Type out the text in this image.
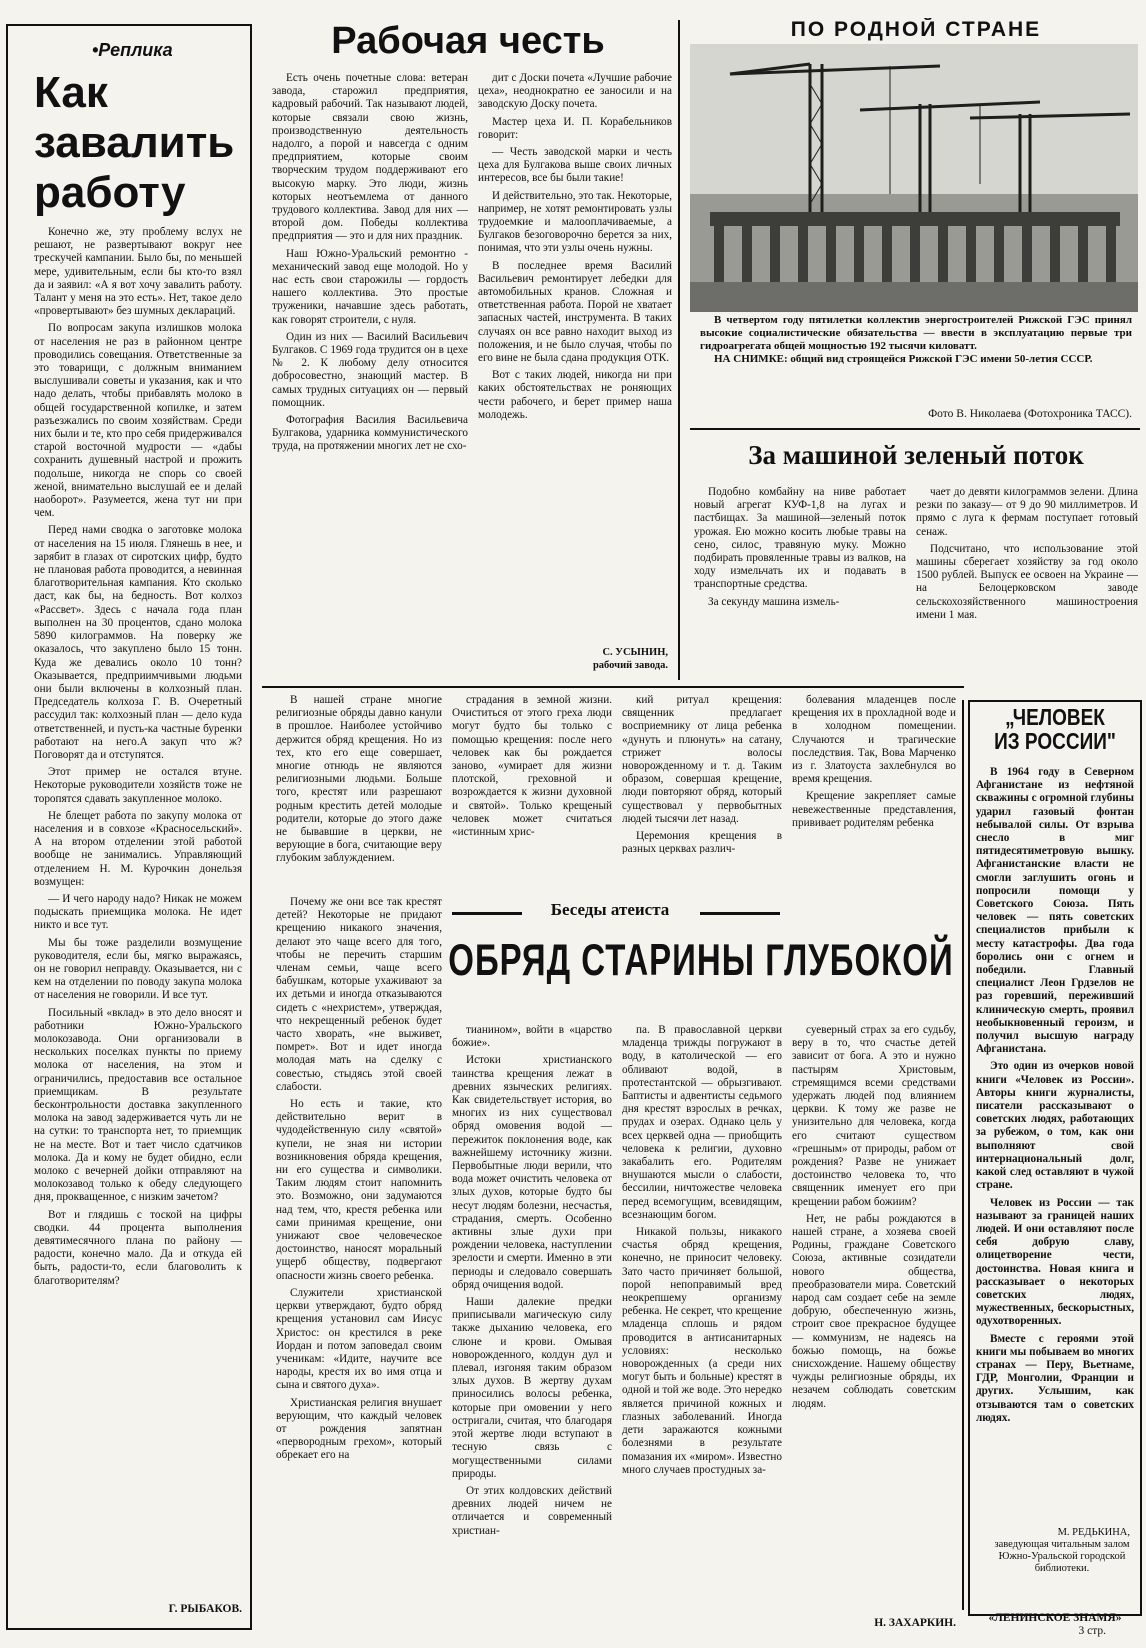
•Реплика
Как
завалить
работу

Конечно же, эту проблему вслух не решают, не развертывают вокруг нее трескучей кампании. Было бы, по меньшей мере, удивительным, если бы кто-то взял да и заявил: «А я вот хочу завалить работу. Талант у меня на это есть». Нет, такое дело «провертывают» без шумных деклараций.

По вопросам закупа излишков молока от населения не раз в районном центре проводились совещания. Ответственные за это товарищи, с должным вниманием выслушивали советы и указания, как и что надо делать, чтобы прибавлять молоко в общей государственной копилке, и затем разъезжались по своим хозяйствам. Среди них были и те, кто про себя придерживался старой восточной мудрости — «дабы сохранить душевный настрой и прожить подольше, никогда не спорь со своей женой, внимательно выслушай ее и делай наоборот». Разумеется, жена тут ни при чем.

Перед нами сводка о заготовке молока от населения на 15 июля. Глянешь в нее, и зарябит в глазах от сиротских цифр, будто не плановая работа проводится, а невинная благотворительная кампания. Кто сколько даст, как бы, на бедность. Вот колхоз «Рассвет». Здесь с начала года план выполнен на 30 процентов, сдано молока 5890 килограммов. На поверку же оказалось, что закуплено было 15 тонн. Куда же девались около 10 тонн? Оказывается, предприимчивыми людьми они были включены в колхозный план. Председатель колхоза Г. В. Очеретный рассудил так: колхозный план — дело куда ответственней, и пусть-ка частные буренки работают на него.А закуп что ж? Поговорят да и отступятся.

Этот пример не остался втуне. Некоторые руководители хозяйств тоже не торопятся сдавать закупленное молоко.

Не блещет работа по закупу молока от населения и в совхозе «Красносельский». А на втором отделении этой работой вообще не занимались. Управляющий отделением Н. М. Курочкин донельзя возмущен:

— И чего народу надо? Никак не можем подыскать приемщика молока. Не идет никто и все тут.

Мы бы тоже разделили возмущение руководителя, если бы, мягко выражаясь, он не говорил неправду. Оказывается, ни с кем на отделении по поводу закупа молока от населения не говорили. И все тут.

Посильный «вклад» в это дело вносят и работники Южно-Уральского молокозавода. Они организовали в нескольких поселках пункты по приему молока от населения, на этом и ограничились, предоставив все остальное приемщикам. В результате бесконтрольности доставка закупленного молока на завод задерживается чуть ли не на сутки: то транспорта нет, то приемщик не на месте. Вот и тает число сдатчиков молока. Да и кому не будет обидно, если молоко с вечерней дойки отправляют на молокозавод только к обеду следующего дня, прокващенное, с низким зачетом?

Вот и глядишь с тоской на цифры сводки. 44 процента выполнения девятимесячного плана по району — радости, конечно мало. Да и откуда ей быть, радости-то, если благоволить к благотворителям?

Г. РЫБАКОВ.
Рабочая честь

Есть очень почетные слова: ветеран завода, старожил предприятия, кадровый рабочий. Так называют людей, которые связали свою жизнь, производственную деятельность надолго, а порой и навсегда с одним предприятием, которые своим творческим трудом поддерживают его высокую марку. Это люди, жизнь которых неотъемлема от данного трудового коллектива. Завод для них — второй дом. Победы коллектива предприятия — это и для них праздник.

Наш Южно-Уральский ремонтно - механический завод еще молодой. Но у нас есть свои старожилы — гордость нашего коллектива. Это простые труженики, начавшие здесь работать, как говорят строители, с нуля.

Один из них — Василий Васильевич Булгаков. С 1969 года трудится он в цехе № 2. К любому делу относится добросовестно, знающий мастер. В самых трудных ситуациях он — первый помощник.

Фотография Василия Васильевича Булгакова, ударника коммунистического труда, на протяжении многих лет не схо-

дит с Доски почета «Лучшие рабочие цеха», неоднократно ее заносили и на заводскую Доску почета.

Мастер цеха И. П. Корабельников говорит:

— Честь заводской марки и честь цеха для Булгакова выше своих личных интересов, все бы были такие!

И действительно, это так. Некоторые, например, не хотят ремонтировать узлы трудоемкие и малооплачиваемые, а Булгаков безоговорочно берется за них, понимая, что эти узлы очень нужны.

В последнее время Василий Васильевич ремонтирует лебедки для автомобильных кранов. Сложная и ответственная работа. Порой не хватает запасных частей, инструмента. В таких случаях он все равно находит выход из положения, и не было случая, чтобы по его вине не была сдана продукция ОТК.

Вот с таких людей, никогда ни при каких обстоятельствах не роняющих чести рабочего, и берет пример наша молодежь.

С. УСЫНИН,
рабочий завода.
ПО РОДНОЙ СТРАНЕ
В четвертом году пятилетки коллектив энергостроителей Рижской ГЭС принял высокие социалистические обязательства — ввести в эксплуатацию первые три гидроагрегата общей мощностью 192 тысячи киловатт.
НА СНИМКЕ: общий вид строящейся Рижской ГЭС имени 50-летия СССР.
Фото В. Николаева (Фотохроника ТАСС).
За машиной зеленый поток

Подобно комбайну на ниве работает новый агрегат КУФ-1,8 на лугах и пастбищах. За машиной—зеленый поток урожая. Ею можно косить любые травы на сено, силос, травяную муку. Можно подбирать провяленные травы из валков, на ходу измельчать их и подавать в транспортные средства.

За секунду машина измель-

чает до девяти килограммов зелени. Длина резки по заказу— от 9 до 90 миллиметров. И прямо с луга к фермам поступает готовый сенаж.

Подсчитано, что использование этой машины сберегает хозяйству за год около 1500 рублей. Выпуск ее освоен на Украине — на Белоцерковском заводе сельскохозяйственного машиностроения имени 1 мая.

В нашей стране многие религиозные обряды давно канули в прошлое. Наиболее устойчиво держится обряд крещения. Но из тех, кто его еще совершает, многие отнюдь не являются религиозными людьми. Больше того, крестят или разрешают родным крестить детей молодые родители, которые до этого даже не бывавшие в церкви, не верующие в бога, считающие веру глубоким заблуждением.

страдания в земной жизни. Очиститься от этого греха люди могут будто бы только с помощью крещения: после него человек как бы рождается заново, «умирает для жизни плотской, греховной и возрождается к жизни духовной и святой». Только крещеный человек может считаться «истинным хрис-

кий ритуал крещения: священник предлагает восприемнику от лица ребенка «дунуть и плюнуть» на сатану, стрижет волосы новорожденному и т. д. Таким образом, совершая крещение, люди повторяют обряд, который существовал у первобытных людей тысячи лет назад.

Церемония крещения в разных церквах различ-

болевания младенцев после крещения их в прохладной воде и в холодном помещении. Случаются и трагические последствия. Так, Вова Марченко из г. Златоуста захлебнулся во время крещения.

Крещение закрепляет самые невежественные представления, прививает родителям ребенка

Беседы атеиста
ОБРЯД СТАРИНЫ ГЛУБОКОЙ

Почему же они все так крестят детей? Некоторые не придают крещению никакого значения, делают это чаще всего для того, чтобы не перечить старшим членам семьи, чаще всего бабушкам, которые ухаживают за их детьми и иногда отказываются сидеть с «нехристем», утверждая, что некрещенный ребенок будет часто хворать, «не выживет, помрет». Вот и идет иногда молодая мать на сделку с совестью, стыдясь этой своей слабости.

Но есть и такие, кто действительно верит в чудодейственную силу «святой» купели, не зная ни истории возникновения обряда крещения, ни его существа и символики. Таким людям стоит напомнить это. Возможно, они задумаются над тем, что, крестя ребенка или сами принимая крещение, они унижают свое человеческое достоинство, наносят моральный ущерб обществу, подвергают опасности жизнь своего ребенка.

Служители христианской церкви утверждают, будто обряд крещения установил сам Иисус Христос: он крестился в реке Иордан и потом заповедал своим ученикам: «Идите, научите все народы, крестя их во имя отца и сына и святого духа».

Христианская религия внушает верующим, что каждый человек от рождения запятнан «первородным грехом», который обрекает его на

тианином», войти в «царство божие».

Истоки христианского таинства крещения лежат в древних языческих религиях. Как свидетельствует история, во многих из них существовал обряд омовения водой — пережиток поклонения воде, как важнейшему источнику жизни. Первобытные люди верили, что вода может очистить человека от злых духов, которые будто бы несут людям болезни, несчастья, страдания, смерть. Особенно активны злые духи при рождении человека, наступлении зрелости и смерти. Именно в эти периоды и следовало совершать обряд очищения водой.

Наши далекие предки приписывали магическую силу также дыханию человека, его слюне и крови. Омывая новорожденного, колдун дул и плевал, изгоняя таким образом злых духов. В жертву духам приносились волосы ребенка, которые при омовении у него остригали, считая, что благодаря этой жертве люди вступают в тесную связь с могущественными силами природы.

От этих колдовских действий древних людей ничем не отличается и современный христиан-

па. В православной церкви младенца трижды погружают в воду, в католической — его обливают водой, в протестантской — обрызгивают. Баптисты и адвентисты седьмого дня крестят взрослых в речках, прудах и озерах. Однако цель у всех церквей одна — приобщить человека к религии, духовно закабалить его. Родителям внушаются мысли о слабости, бессилии, ничтожестве человека перед всемогущим, всевидящим, всезнающим богом.

Никакой пользы, никакого счастья обряд крещения, конечно, не приносит человеку. Зато часто причиняет большой, порой непоправимый вред неокрепшему организму ребенка. Не секрет, что крещение младенца сплошь и рядом проводится в антисанитарных условиях: несколько новорожденных (а среди них могут быть и больные) крестят в одной и той же воде. Это нередко является причиной кожных и глазных заболеваний. Иногда дети заражаются кожными болезнями в результате помазания их «миром». Известно много случаев простудных за-

суеверный страх за его судьбу, веру в то, что счастье детей зависит от бога. А это и нужно пастырям Христовым, стремящимся всеми средствами удержать людей под влиянием церкви. К тому же разве не унизительно для человека, когда его считают существом «грешным» от природы, рабом от рождения? Разве не унижает достоинство человека то, что священник именует его при крещении рабом божиим?

Нет, не рабы рождаются в нашей стране, а хозяева своей Родины, граждане Советского Союза, активные созидатели нового общества, преобразователи мира. Советский народ сам создает себе на земле добрую, обеспеченную жизнь, строит свое прекрасное будущее — коммунизм, не надеясь на божью помощь, на божье снисхождение. Нашему обществу чужды религиозные обряды, их незачем соблюдать советским людям.

Н. ЗАХАРКИН.
„ЧЕЛОВЕК
ИЗ РОССИИ"

В 1964 году в Северном Афганистане из нефтяной скважины с огромной глубины ударил газовый фонтан небывалой силы. От взрыва снесло в миг пятидесятиметровую вышку. Афганистанские власти не смогли заглушить огонь и попросили помощи у Советского Союза. Пять человек — пять советских специалистов прибыли к месту катастрофы. Два года боролись они с огнем и победили. Главный специалист Леон Грдзелов не раз горевший, переживший клиническую смерть, проявил необыкновенный героизм, и получил высшую награду Афганистана.

Это один из очерков новой книги «Человек из России». Авторы книги журналисты, писатели рассказывают о советских людях, работающих за рубежом, о том, как они выполняют свой интернациональный долг, какой след оставляют в чужой стране.

Человек из России — так называют за границей наших людей. И они оставляют после себя добрую славу, олицетворение чести, достоинства. Новая книга и рассказывает о некоторых советских людях, мужественных, бескорыстных, одухотворенных.

Вместе с героями этой книги мы побываем во многих странах — Перу, Вьетнаме, ГДР, Монголии, Франции и других. Услышим, как отзываются там о советских людях.

М. РЕДЬКИНА,
заведующая читальным залом Южно-Уральской городской библиотеки.
«ЛЕНИНСКОЕ ЗНАМЯ»
3 стр.
